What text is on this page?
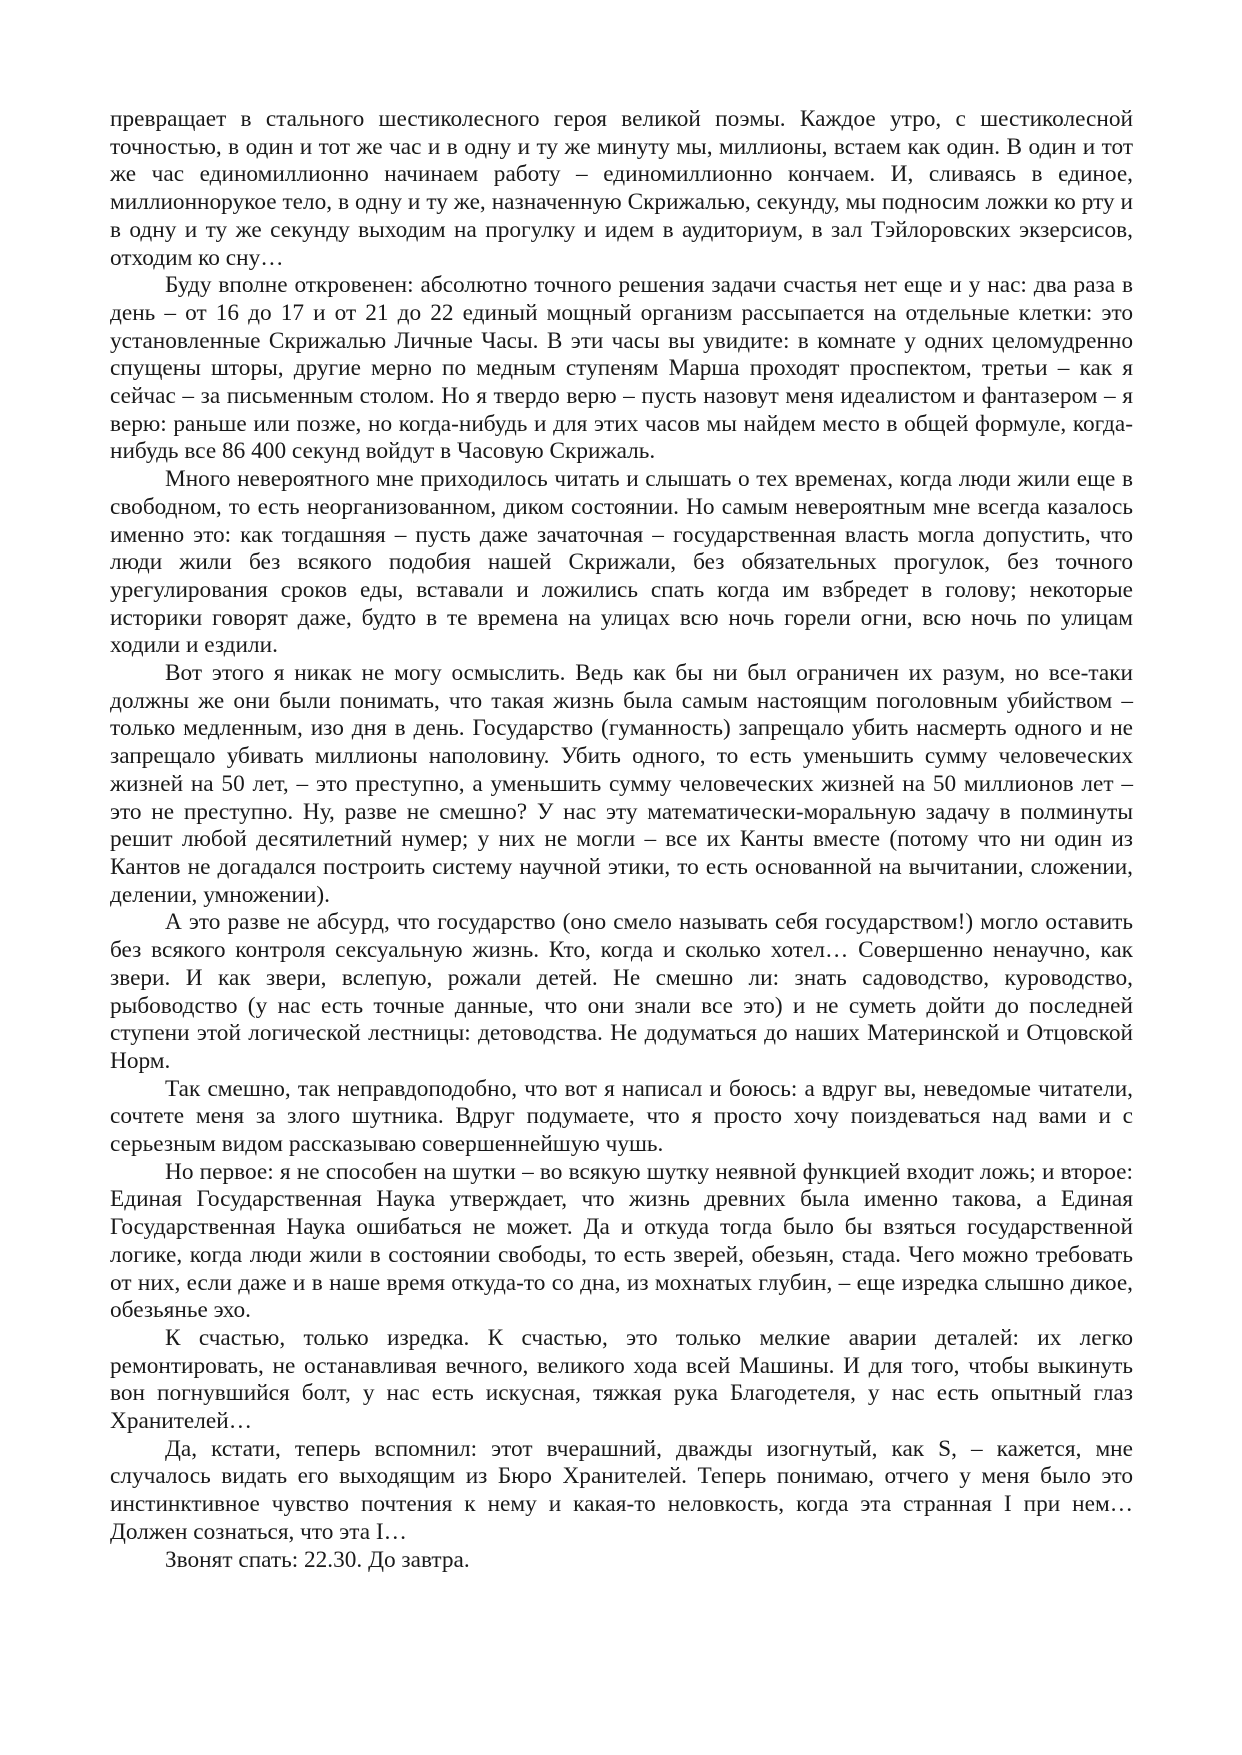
превращает в стального шестиколесного героя великой поэмы. Каждое утро, с шестиколесной точностью, в один и тот же час и в одну и ту же минуту мы, миллионы, встаем как один. В один и тот же час единомиллионно начинаем работу – единомиллионно кончаем. И, сливаясь в единое, миллионнорукое тело, в одну и ту же, назначенную Скрижалью, секунду, мы подносим ложки ко рту и в одну и ту же секунду выходим на прогулку и идем в аудиториум, в зал Тэйлоровских экзерсисов, отходим ко сну…

Буду вполне откровенен: абсолютно точного решения задачи счастья нет еще и у нас: два раза в день – от 16 до 17 и от 21 до 22 единый мощный организм рассыпается на отдельные клетки: это установленные Скрижалью Личные Часы. В эти часы вы увидите: в комнате у одних целомудренно спущены шторы, другие мерно по медным ступеням Марша проходят проспектом, третьи – как я сейчас – за письменным столом. Но я твердо верю – пусть назовут меня идеалистом и фантазером – я верю: раньше или позже, но когда-нибудь и для этих часов мы найдем место в общей формуле, когда-нибудь все 86 400 секунд войдут в Часовую Скрижаль.

Много невероятного мне приходилось читать и слышать о тех временах, когда люди жили еще в свободном, то есть неорганизованном, диком состоянии. Но самым невероятным мне всегда казалось именно это: как тогдашняя – пусть даже зачаточная – государственная власть могла допустить, что люди жили без всякого подобия нашей Скрижали, без обязательных прогулок, без точного урегулирования сроков еды, вставали и ложились спать когда им взбредет в голову; некоторые историки говорят даже, будто в те времена на улицах всю ночь горели огни, всю ночь по улицам ходили и ездили.

Вот этого я никак не могу осмыслить. Ведь как бы ни был ограничен их разум, но все-таки должны же они были понимать, что такая жизнь была самым настоящим поголовным убийством – только медленным, изо дня в день. Государство (гуманность) запрещало убить насмерть одного и не запрещало убивать миллионы наполовину. Убить одного, то есть уменьшить сумму человеческих жизней на 50 лет, – это преступно, а уменьшить сумму человеческих жизней на 50 миллионов лет – это не преступно. Ну, разве не смешно? У нас эту математически-моральную задачу в полминуты решит любой десятилетний нумер; у них не могли – все их Канты вместе (потому что ни один из Кантов не догадался построить систему научной этики, то есть основанной на вычитании, сложении, делении, умножении).

А это разве не абсурд, что государство (оно смело называть себя государством!) могло оставить без всякого контроля сексуальную жизнь. Кто, когда и сколько хотел… Совершенно ненаучно, как звери. И как звери, вслепую, рожали детей. Не смешно ли: знать садоводство, куроводство, рыбоводство (у нас есть точные данные, что они знали все это) и не суметь дойти до последней ступени этой логической лестницы: детоводства. Не додуматься до наших Материнской и Отцовской Норм.

Так смешно, так неправдоподобно, что вот я написал и боюсь: а вдруг вы, неведомые читатели, сочтете меня за злого шутника. Вдруг подумаете, что я просто хочу поиздеваться над вами и с серьезным видом рассказываю совершеннейшую чушь.

Но первое: я не способен на шутки – во всякую шутку неявной функцией входит ложь; и второе: Единая Государственная Наука утверждает, что жизнь древних была именно такова, а Единая Государственная Наука ошибаться не может. Да и откуда тогда было бы взяться государственной логике, когда люди жили в состоянии свободы, то есть зверей, обезьян, стада. Чего можно требовать от них, если даже и в наше время откуда-то со дна, из мохнатых глубин, – еще изредка слышно дикое, обезьянье эхо.

К счастью, только изредка. К счастью, это только мелкие аварии деталей: их легко ремонтировать, не останавливая вечного, великого хода всей Машины. И для того, чтобы выкинуть вон погнувшийся болт, у нас есть искусная, тяжкая рука Благодетеля, у нас есть опытный глаз Хранителей…

Да, кстати, теперь вспомнил: этот вчерашний, дважды изогнутый, как S, – кажется, мне случалось видать его выходящим из Бюро Хранителей. Теперь понимаю, отчего у меня было это инстинктивное чувство почтения к нему и какая-то неловкость, когда эта странная I при нем… Должен сознаться, что эта I…

Звонят спать: 22.30. До завтра.
